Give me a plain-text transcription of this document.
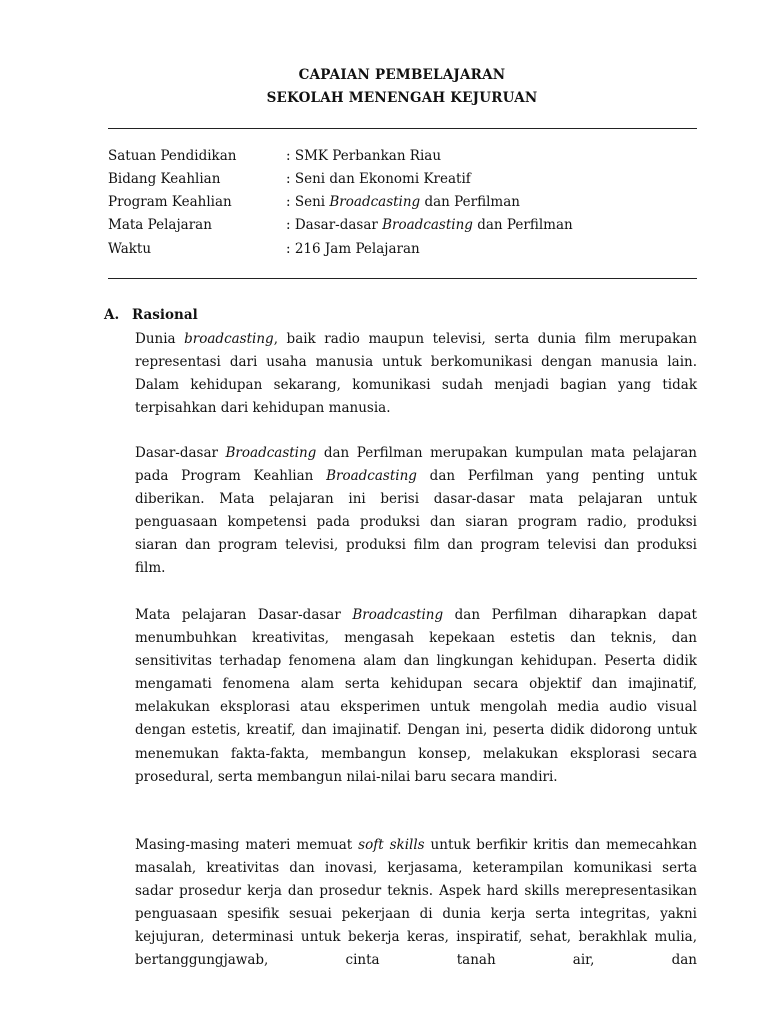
CAPAIAN PEMBELAJARAN
SEKOLAH MENENGAH KEJURUAN
Satuan Pendidikan	: SMK Perbankan Riau
Bidang Keahlian	: Seni dan Ekonomi Kreatif
Program Keahlian	: Seni Broadcasting dan Perfilman
Mata Pelajaran	: Dasar-dasar Broadcasting dan Perfilman
Waktu	: 216 Jam Pelajaran
A. Rasional

Dunia broadcasting, baik radio maupun televisi, serta dunia film merupakan representasi dari usaha manusia untuk berkomunikasi dengan manusia lain. Dalam kehidupan sekarang, komunikasi sudah menjadi bagian yang tidak terpisahkan dari kehidupan manusia.

Dasar-dasar Broadcasting dan Perfilman merupakan kumpulan mata pelajaran pada Program Keahlian Broadcasting dan Perfilman yang penting untuk diberikan. Mata pelajaran ini berisi dasar-dasar mata pelajaran untuk penguasaan kompetensi pada produksi dan siaran program radio, produksi siaran dan program televisi, produksi film dan program televisi dan produksi film.

Mata pelajaran Dasar-dasar Broadcasting dan Perfilman diharapkan dapat menumbuhkan kreativitas, mengasah kepekaan estetis dan teknis, dan sensitivitas terhadap fenomena alam dan lingkungan kehidupan. Peserta didik mengamati fenomena alam serta kehidupan secara objektif dan imajinatif, melakukan eksplorasi atau eksperimen untuk mengolah media audio visual dengan estetis, kreatif, dan imajinatif. Dengan ini, peserta didik didorong untuk menemukan fakta-fakta, membangun konsep, melakukan eksplorasi secara prosedural, serta membangun nilai-nilai baru secara mandiri.

Masing-masing materi memuat soft skills untuk berfikir kritis dan memecahkan masalah, kreativitas dan inovasi, kerjasama, keterampilan komunikasi serta sadar prosedur kerja dan prosedur teknis. Aspek hard skills merepresentasikan penguasaan spesifik sesuai pekerjaan di dunia kerja serta integritas, yakni kejujuran, determinasi untuk bekerja keras, inspiratif, sehat, berakhlak mulia, bertanggungjawab, cinta tanah air, dan
